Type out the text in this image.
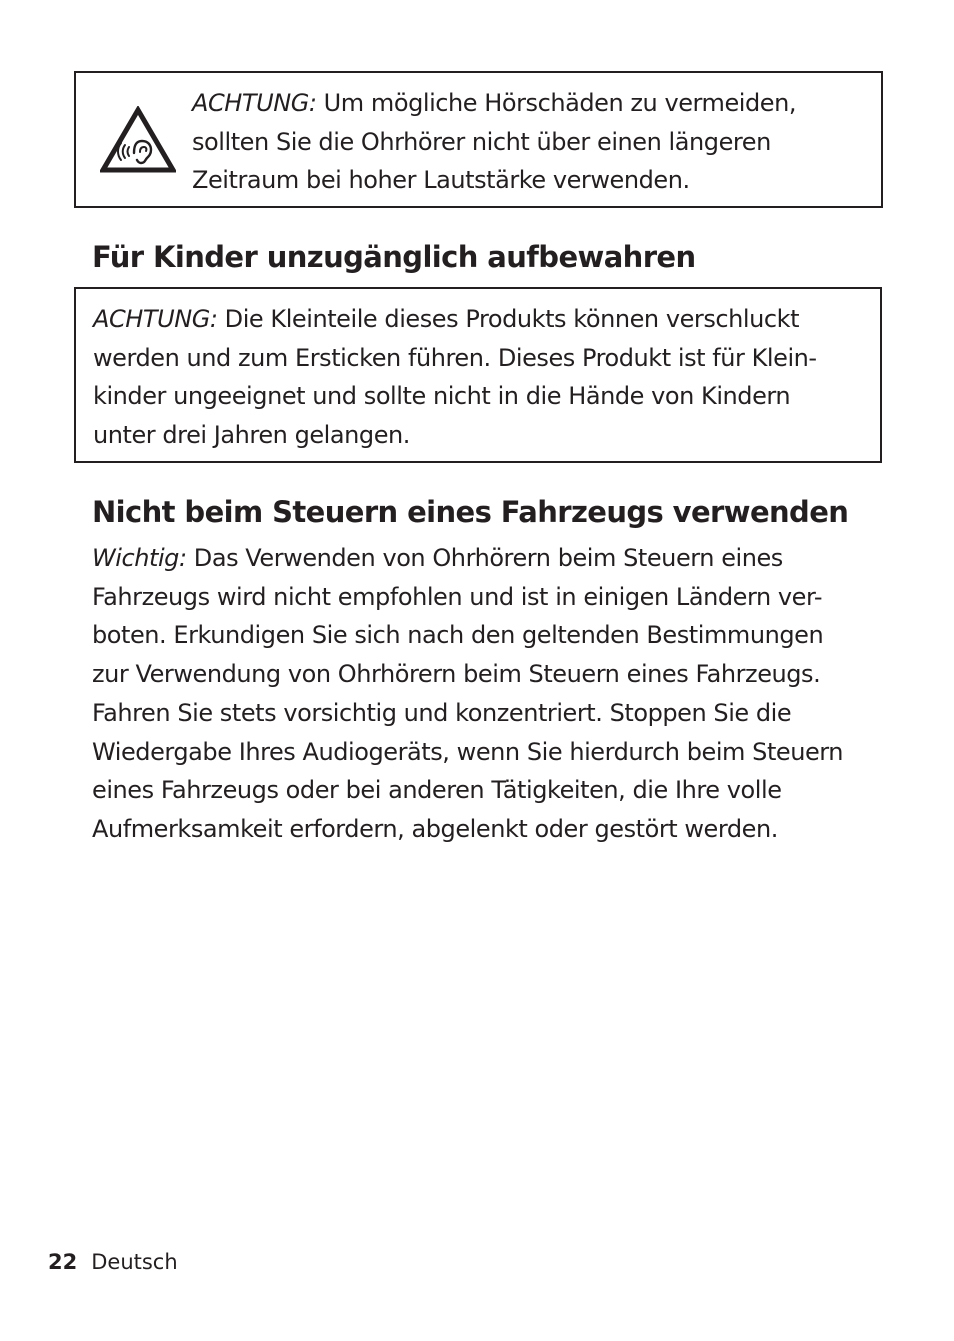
ACHTUNG: Um mögliche Hörschäden zu vermeiden,
sollten Sie die Ohrhörer nicht über einen längeren
Zeitraum bei hoher Lautstärke verwenden.
Für Kinder unzugänglich aufbewahren
ACHTUNG: Die Kleinteile dieses Produkts können verschluckt
werden und zum Ersticken führen. Dieses Produkt ist für Klein-
kinder ungeeignet und sollte nicht in die Hände von Kindern
unter drei Jahren gelangen.
Nicht beim Steuern eines Fahrzeugs verwenden
Wichtig: Das Verwenden von Ohrhörern beim Steuern eines
Fahrzeugs wird nicht empfohlen und ist in einigen Ländern ver-
boten. Erkundigen Sie sich nach den geltenden Bestimmungen
zur Verwendung von Ohrhörern beim Steuern eines Fahrzeugs.
Fahren Sie stets vorsichtig und konzentriert. Stoppen Sie die
Wiedergabe Ihres Audiogeräts, wenn Sie hierdurch beim Steuern
eines Fahrzeugs oder bei anderen Tätigkeiten, die Ihre volle
Aufmerksamkeit erfordern, abgelenkt oder gestört werden.
22 Deutsch
